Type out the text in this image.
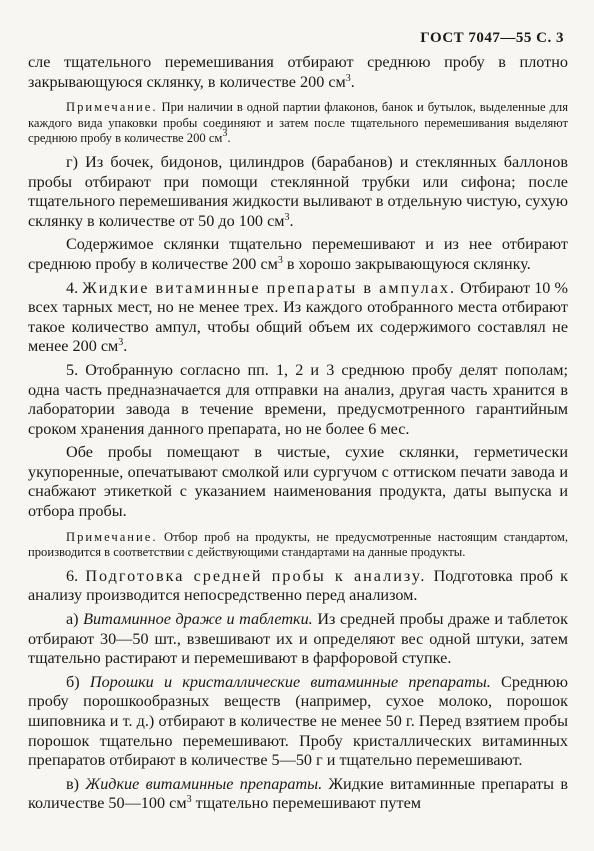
ГОСТ 7047—55 С. 3

сле тщательного перемешивания отбирают среднюю пробу в плотно закрывающуюся склянку, в количестве 200 $см^3$.

Примечание. При наличии в одной партии флаконов, банок и бутылок, выделенные для каждого вида упаковки пробы соединяют и затем после тщательного перемешивания выделяют среднюю пробу в количестве 200 $см^3$.

г) Из бочек, бидонов, цилиндров (барабанов) и стеклянных баллонов пробы отбирают при помощи стеклянной трубки или сифона; после тщательного перемешивания жидкости выливают в отдельную чистую, сухую склянку в количестве от 50 до 100 $см^3$.

Содержимое склянки тщательно перемешивают и из нее отбирают среднюю пробу в количестве 200 $см^3$ в хорошо закрывающуюся склянку.

4. Жидкие витаминные препараты в ампулах. Отбирают 10 % всех тарных мест, но не менее трех. Из каждого отобранного места отбирают такое количество ампул, чтобы общий объем их содержимого составлял не менее 200 $см^3$.

5. Отобранную согласно пп. 1, 2 и 3 среднюю пробу делят пополам; одна часть предназначается для отправки на анализ, другая часть хранится в лаборатории завода в течение времени, предусмотренного гарантийным сроком хранения данного препарата, но не более 6 мес.

Обе пробы помещают в чистые, сухие склянки, герметически укупоренные, опечатывают смолкой или сургучом с оттиском печати завода и снабжают этикеткой с указанием наименования продукта, даты выпуска и отбора пробы.

Примечание. Отбор проб на продукты, не предусмотренные настоящим стандартом, производится в соответствии с действующими стандартами на данные продукты.

6. Подготовка средней пробы к анализу. Подготовка проб к анализу производится непосредственно перед анализом.

а) Витаминное драже и таблетки. Из средней пробы драже и таблеток отбирают 30—50 шт., взвешивают их и определяют вес одной штуки, затем тщательно растирают и перемешивают в фарфоровой ступке.

б) Порошки и кристаллические витаминные препараты. Среднюю пробу порошкообразных веществ (например, сухое молоко, порошок шиповника и т. д.) отбирают в количестве не менее 50 г. Перед взятием пробы порошок тщательно перемешивают. Пробу кристаллических витаминных препаратов отбирают в количестве 5—50 г и тщательно перемешивают.

в) Жидкие витаминные препараты. Жидкие витаминные препараты в количестве 50—100 $см^3$ тщательно перемешивают путем
